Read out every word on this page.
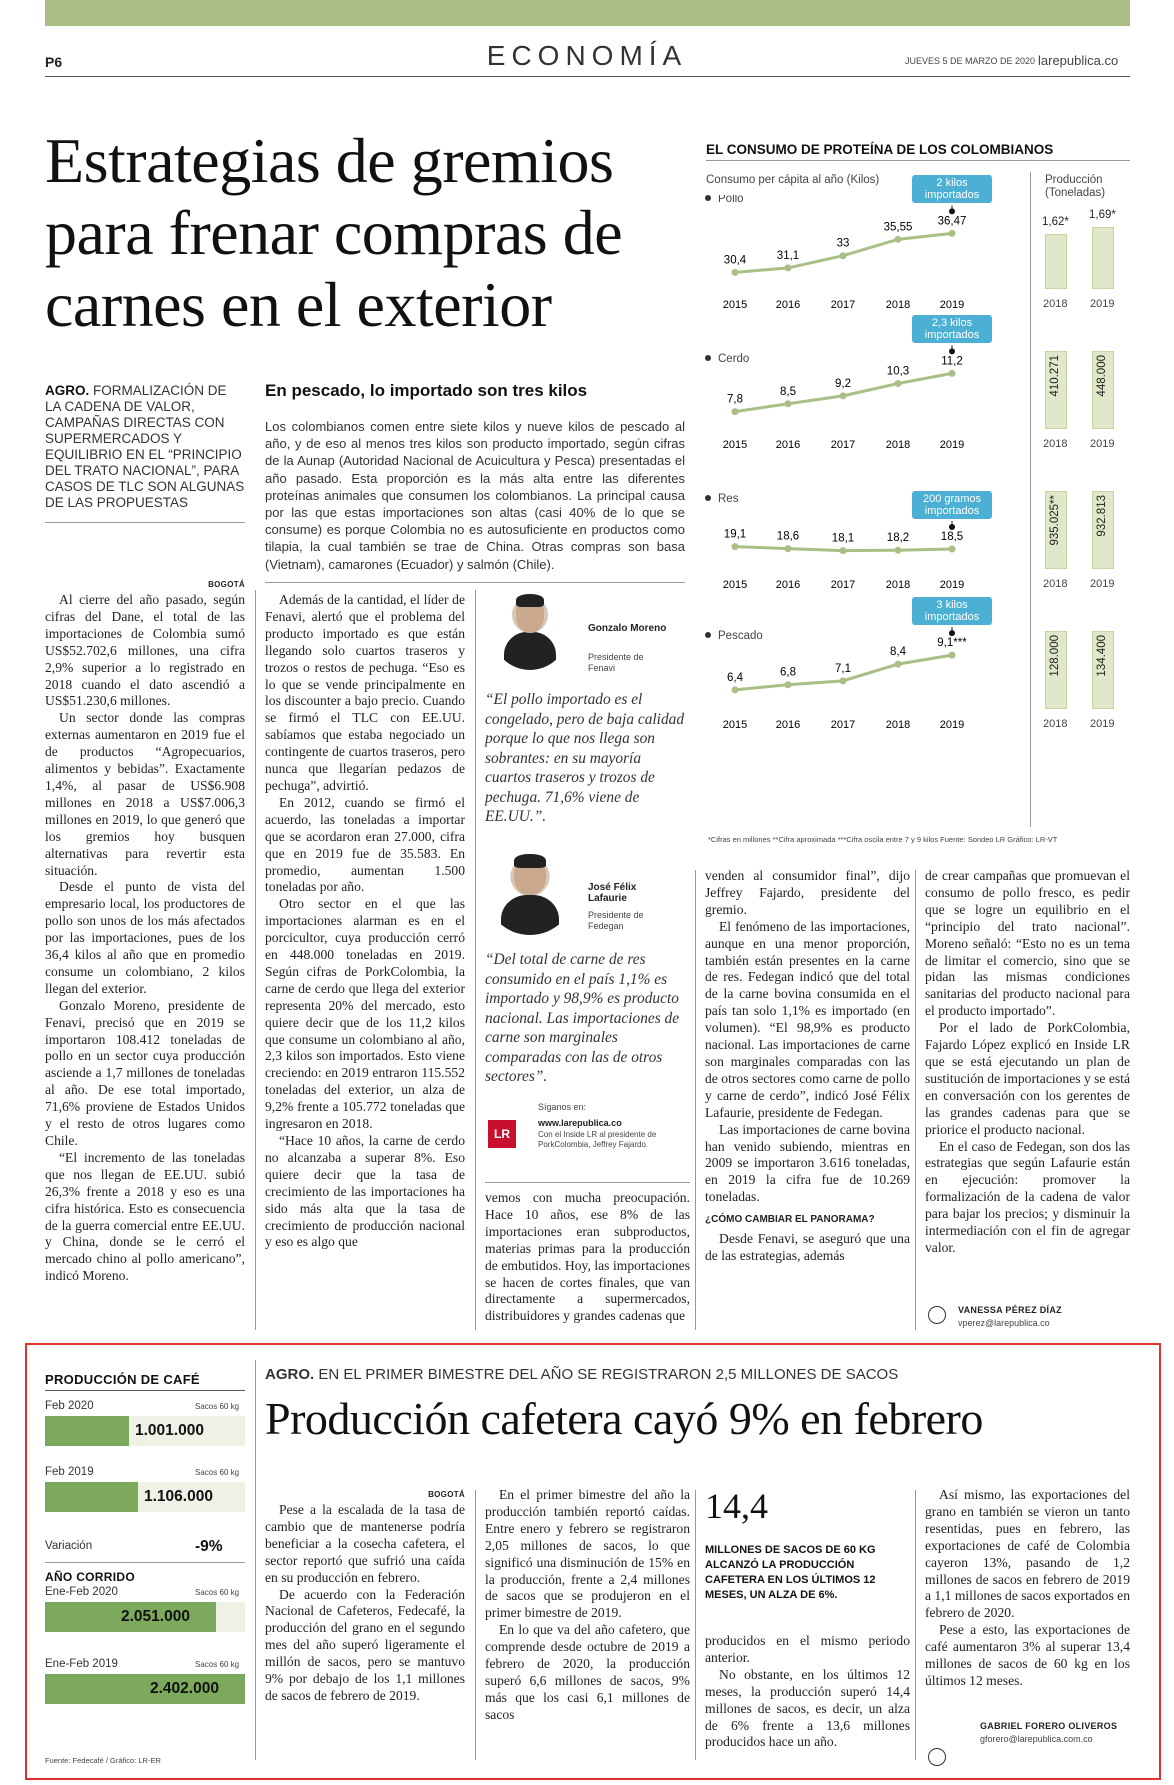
P6	ECONOMÍA	JUEVES 5 DE MARZO DE 2020 larepublica.co
Estrategias de gremios
para frenar compras de
carnes en el exterior
AGRO. FORMALIZACIÓN DE LA CADENA DE VALOR, CAMPAÑAS DIRECTAS CON SUPERMERCADOS Y EQUILIBRIO EN EL “PRINCIPIO DEL TRATO NACIONAL”, PARA CASOS DE TLC SON ALGUNAS DE LAS PROPUESTAS
En pescado, lo importado son tres kilos
Los colombianos comen entre siete kilos y nueve kilos de pescado al año, y de eso al menos tres kilos son producto importado, según cifras de la Aunap (Autoridad Nacional de Acuicultura y Pesca) presentadas el año pasado. Esta proporción es la más alta entre las diferentes proteínas animales que consumen los colombianos. La principal causa por las que estas importaciones son altas (casi 40% de lo que se consume) es porque Colombia no es autosuficiente en productos como tilapia, la cual también se trae de China. Otras compras son basa (Vietnam), camarones (Ecuador) y salmón (Chile).
BOGOTÁ

Al cierre del año pasado, según cifras del Dane, el total de las importaciones de Colombia sumó US$52.702,6 millones, una cifra 2,9% superior a lo registrado en 2018 cuando el dato ascendió a US$51.230,6 millones.

Un sector donde las compras externas aumentaron en 2019 fue el de productos “Agropecuarios, alimentos y bebidas”. Exactamente 1,4%, al pasar de US$6.908 millones en 2018 a US$7.006,3 millones en 2019, lo que generó que los gremios hoy busquen alternativas para revertir esta situación.

Desde el punto de vista del empresario local, los productores de pollo son unos de los más afectados por las importaciones, pues de los 36,4 kilos al año que en promedio consume un colombiano, 2 kilos llegan del exterior.

Gonzalo Moreno, presidente de Fenavi, precisó que en 2019 se importaron 108.412 toneladas de pollo en un sector cuya producción asciende a 1,7 millones de toneladas al año. De ese total importado, 71,6% proviene de Estados Unidos y el resto de otros lugares como Chile.

“El incremento de las toneladas que nos llegan de EE.UU. subió 26,3% frente a 2018 y eso es una cifra histórica. Esto es consecuencia de la guerra comercial entre EE.UU. y China, donde se le cerró el mercado chino al pollo americano”, indicó Moreno.

Además de la cantidad, el líder de Fenavi, alertó que el problema del producto importado es que están llegando solo cuartos traseros y trozos o restos de pechuga. “Eso es lo que se vende principalmente en los discounter a bajo precio. Cuando se firmó el TLC con EE.UU. sabíamos que estaba negociado un contingente de cuartos traseros, pero nunca que llegarían pedazos de pechuga”, advirtió.

En 2012, cuando se firmó el acuerdo, las toneladas a importar que se acordaron eran 27.000, cifra que en 2019 fue de 35.583. En promedio, aumentan 1.500 toneladas por año.

Otro sector en el que las importaciones alarman es en el porcicultor, cuya producción cerró en 448.000 toneladas en 2019. Según cifras de PorkColombia, la carne de cerdo que llega del exterior representa 20% del mercado, esto quiere decir que de los 11,2 kilos que consume un colombiano al año, 2,3 kilos son importados. Esto viene creciendo: en 2019 entraron 115.552 toneladas del exterior, un alza de 9,2% frente a 105.772 toneladas que ingresaron en 2018.

“Hace 10 años, la carne de cerdo no alcanzaba a superar 8%. Eso quiere decir que la tasa de crecimiento de las importaciones ha sido más alta que la tasa de crecimiento de producción nacional y eso es algo que

Gonzalo Moreno
Presidente de Fenavi
“El pollo importado es el congelado, pero de baja calidad porque lo que nos llega son sobrantes: en su mayoría cuartos traseros y trozos de pechuga. 71,6% viene de EE.UU.”.
José Félix Lafaurie
Presidente de Fedegan
“Del total de carne de res consumido en el país 1,1% es importado y 98,9% es producto nacional. Las importaciones de carne son marginales comparadas con las de otros sectores”.
LR
Síganos en:
www.larepublica.co
Con el Inside LR al presidente de PorkColombia, Jeffrey Fajardo.

vemos con mucha preocupación. Hace 10 años, ese 8% de las importaciones eran subproductos, materias primas para la producción de embutidos. Hoy, las importaciones se hacen de cortes finales, que van directamente a supermercados, distribuidores y grandes cadenas que

venden al consumidor final”, dijo Jeffrey Fajardo, presidente del gremio.

El fenómeno de las importaciones, aunque en una menor proporción, también están presentes en la carne de res. Fedegan indicó que del total de la carne bovina consumida en el país tan solo 1,1% es importado (en volumen). “El 98,9% es producto nacional. Las importaciones de carne son marginales comparadas con las de otros sectores como carne de pollo y carne de cerdo”, indicó José Félix Lafaurie, presidente de Fedegan.

Las importaciones de carne bovina han venido subiendo, mientras en 2009 se importaron 3.616 toneladas, en 2019 la cifra fue de 10.269 toneladas.

¿CÓMO CAMBIAR EL PANORAMA?

Desde Fenavi, se aseguró que una de las estrategias, además

de crear campañas que promuevan el consumo de pollo fresco, es pedir que se logre un equilibrio en el “principio del trato nacional”. Moreno señaló: “Esto no es un tema de limitar el comercio, sino que se pidan las mismas condiciones sanitarias del producto nacional para el producto importado”.

Por el lado de PorkColombia, Fajardo López explicó en Inside LR que se está ejecutando un plan de sustitución de importaciones y se está en conversación con los gerentes de las grandes cadenas para que se priorice el producto nacional.

En el caso de Fedegan, son dos las estrategias que según Lafaurie están en ejecución: promover la formalización de la cadena de valor para bajar los precios; y disminuir la intermediación con el fin de agregar valor.

VANESSA PÉREZ DÍAZ
vperez@larepublica.co
EL CONSUMO DE PROTEÍNA DE LOS COLOMBIANOS
Consumo per cápita al año (Kilos)	Producción (Toneladas)
Pollo
30,4
2015
31,1
2016
33
2017
35,55
2018
36,47
2019
Cerdo
7,8
2015
8,5
2016
9,2
2017
10,3
2018
11,2
2019
Res
19,1
2015
18,6
2016
18,1
2017
18,2
2018
18,5
2019
Pescado
6,4
2015
6,8
2016
7,1
2017
8,4
2018
9,1***
2019
2 kilos importados
2,3 kilos importados
200 gramos importados
3 kilos importados
1,62*
2018
1,69*
2019
410.271
2018
448.000
2019
935.025**
2018
932.813
2019
128.000
2018
134.400
2019
*Cifras en millones **Cifra aproximada ***Cifra oscila entre 7 y 9 kilos Fuente: Sondeo LR Gráfico: LR-VT
PRODUCCIÓN DE CAFÉ
Feb 2020	Sacos 60 kg
1.001.000
Feb 2019	Sacos 60 kg
1.106.000
Variación	-9%
AÑO CORRIDO
Ene-Feb 2020	Sacos 60 kg
2.051.000
Ene-Feb 2019	Sacos 60 kg
2.402.000
Fuente: Fedecafé / Gráfico: LR-ER
AGRO. EN EL PRIMER BIMESTRE DEL AÑO SE REGISTRARON 2,5 MILLONES DE SACOS
Producción cafetera cayó 9% en febrero
BOGOTÁ

Pese a la escalada de la tasa de cambio que de mantenerse podría beneficiar a la cosecha cafetera, el sector reportó que sufrió una caída en su producción en febrero.

De acuerdo con la Federación Nacional de Cafeteros, Fedecafé, la producción del grano en el segundo mes del año superó ligeramente el millón de sacos, pero se mantuvo 9% por debajo de los 1,1 millones de sacos de febrero de 2019.

En el primer bimestre del año la producción también reportó caídas. Entre enero y febrero se registraron 2,05 millones de sacos, lo que significó una disminución de 15% en la producción, frente a 2,4 millones de sacos que se produjeron en el primer bimestre de 2019.

En lo que va del año cafetero, que comprende desde octubre de 2019 a febrero de 2020, la producción superó 6,6 millones de sacos, 9% más que los casi 6,1 millones de sacos

14,4
MILLONES DE SACOS DE 60 KG ALCANZÓ LA PRODUCCIÓN CAFETERA EN LOS ÚLTIMOS 12 MESES, UN ALZA DE 6%.

producidos en el mismo periodo anterior.

No obstante, en los últimos 12 meses, la producción superó 14,4 millones de sacos, es decir, un alza de 6% frente a 13,6 millones producidos hace un año.

Así mismo, las exportaciones del grano en también se vieron un tanto resentidas, pues en febrero, las exportaciones de café de Colombia cayeron 13%, pasando de 1,2 millones de sacos en febrero de 2019 a 1,1 millones de sacos exportados en febrero de 2020.

Pese a esto, las exportaciones de café aumentaron 3% al superar 13,4 millones de sacos de 60 kg en los últimos 12 meses.

GABRIEL FORERO OLIVEROS
gforero@larepublica.com.co
